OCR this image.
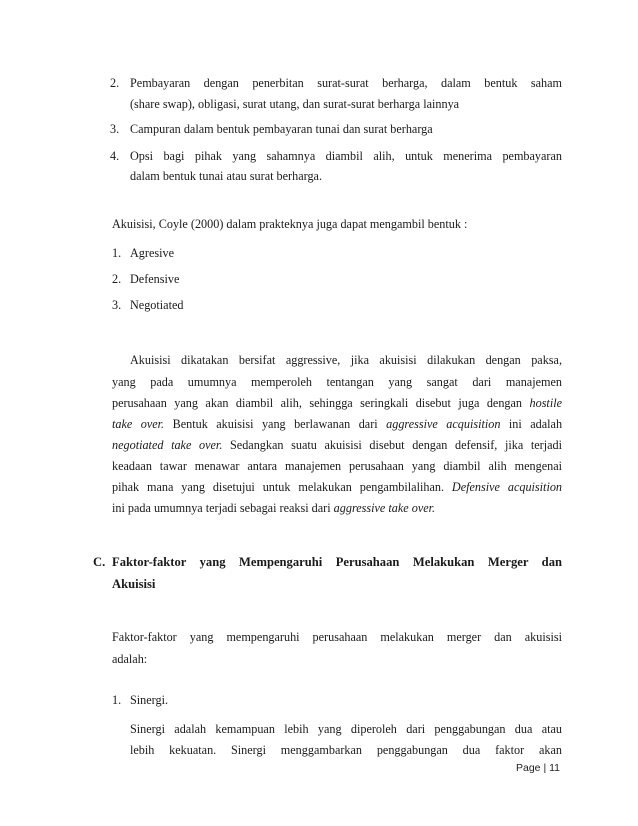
2. Pembayaran dengan penerbitan surat-surat berharga, dalam bentuk saham
(share swap), obligasi, surat utang, dan surat-surat berharga lainnya
3. Campuran dalam bentuk pembayaran tunai dan surat berharga
4. Opsi bagi pihak yang sahamnya diambil alih, untuk menerima pembayaran
dalam bentuk tunai atau surat berharga.
Akuisisi, Coyle (2000) dalam prakteknya juga dapat mengambil bentuk :
1. Agresive
2. Defensive
3. Negotiated
Akuisisi dikatakan bersifat aggressive, jika akuisisi dilakukan dengan paksa,
yang pada umumnya memperoleh tentangan yang sangat dari manajemen
perusahaan yang akan diambil alih, sehingga seringkali disebut juga dengan hostile
take over. Bentuk akuisisi yang berlawanan dari aggressive acquisition ini adalah
negotiated take over. Sedangkan suatu akuisisi disebut dengan defensif, jika terjadi
keadaan tawar menawar antara manajemen perusahaan yang diambil alih mengenai
pihak mana yang disetujui untuk melakukan pengambilalihan. Defensive acquisition
ini pada umumnya terjadi sebagai reaksi dari aggressive take over.
C. Faktor-faktor yang Mempengaruhi Perusahaan Melakukan Merger dan
Akuisisi
Faktor-faktor yang mempengaruhi perusahaan melakukan merger dan akuisisi
adalah:
1. Sinergi.
Sinergi adalah kemampuan lebih yang diperoleh dari penggabungan dua atau
lebih kekuatan. Sinergi menggambarkan penggabungan dua faktor akan
Page | 11
